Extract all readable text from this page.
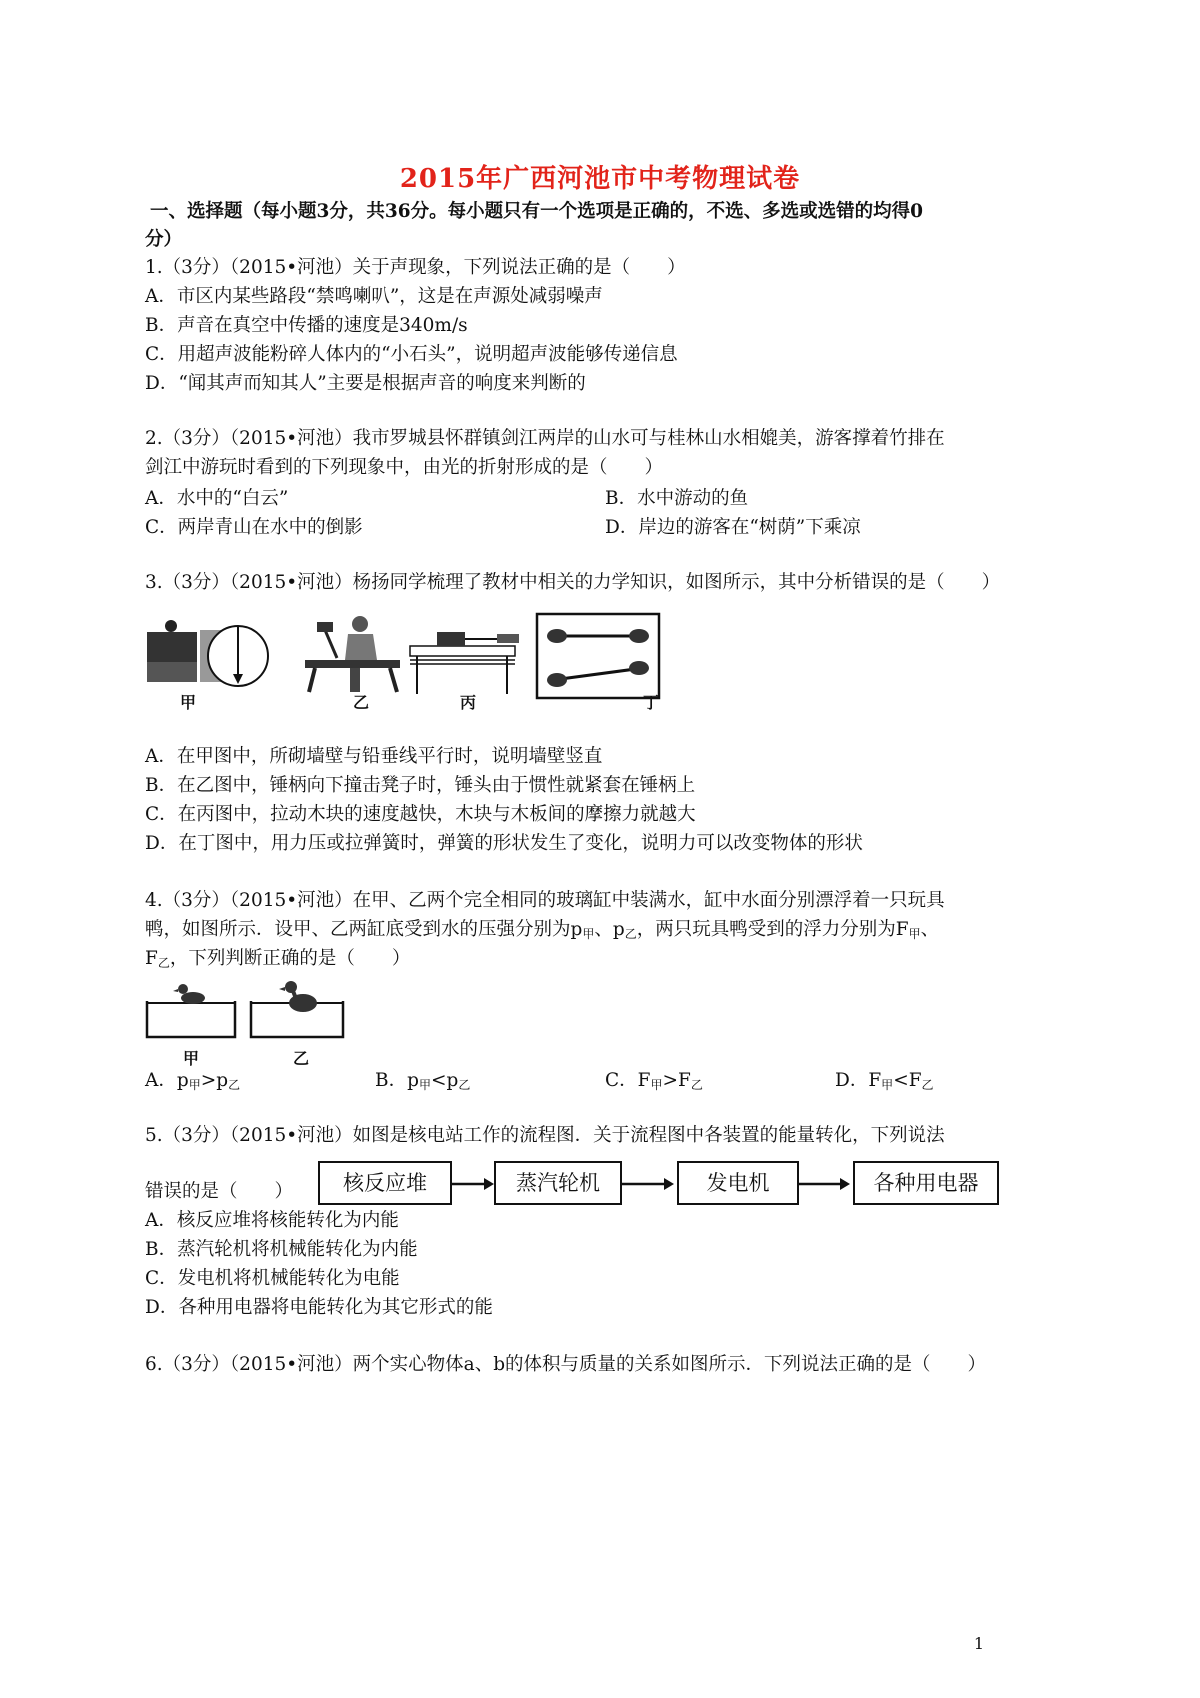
2015年广西河池市中考物理试卷
一、选择题（每小题3分，共36分。每小题只有一个选项是正确的，不选、多选或选错的均得0
分）
1.（3分）（2015•河池）关于声现象，下列说法正确的是（　　）
A．市区内某些路段“禁鸣喇叭”，这是在声源处减弱噪声
B．声音在真空中传播的速度是340m/s
C．用超声波能粉碎人体内的“小石头”，说明超声波能够传递信息
D．“闻其声而知其人”主要是根据声音的响度来判断的
2.（3分）（2015•河池）我市罗城县怀群镇剑江两岸的山水可与桂林山水相媲美，游客撑着竹排在
剑江中游玩时看到的下列现象中，由光的折射形成的是（　　）
A．水中的“白云”	B．水中游动的鱼
C．两岸青山在水中的倒影	D．岸边的游客在“树荫”下乘凉
3.（3分）（2015•河池）杨扬同学梳理了教材中相关的力学知识，如图所示，其中分析错误的是（　　）
甲	乙	丙	丁
A．在甲图中，所砌墙壁与铅垂线平行时，说明墙壁竖直
B．在乙图中，锤柄向下撞击凳子时，锤头由于惯性就紧套在锤柄上
C．在丙图中，拉动木块的速度越快，木块与木板间的摩擦力就越大
D．在丁图中，用力压或拉弹簧时，弹簧的形状发生了变化，说明力可以改变物体的形状
4.（3分）（2015•河池）在甲、乙两个完全相同的玻璃缸中装满水，缸中水面分别漂浮着一只玩具
鸭，如图所示．设甲、乙两缸底受到水的压强分别为$p_甲$、$p_乙$，两只玩具鸭受到的浮力分别为$F_甲$、
$F_乙$，下列判断正确的是（　　）
甲	乙
A．$p_甲>p_乙$	B．$p_甲<p_乙$	C．$F_甲>F_乙$	D．$F_甲<F_乙$
5.（3分）（2015•河池）如图是核电站工作的流程图．关于流程图中各装置的能量转化，下列说法
错误的是（　　）	核反应堆	蒸汽轮机	发电机	各种用电器
A．核反应堆将核能转化为内能
B．蒸汽轮机将机械能转化为内能
C．发电机将机械能转化为电能
D．各种用电器将电能转化为其它形式的能
6.（3分）（2015•河池）两个实心物体a、b的体积与质量的关系如图所示．下列说法正确的是（　　）
1
